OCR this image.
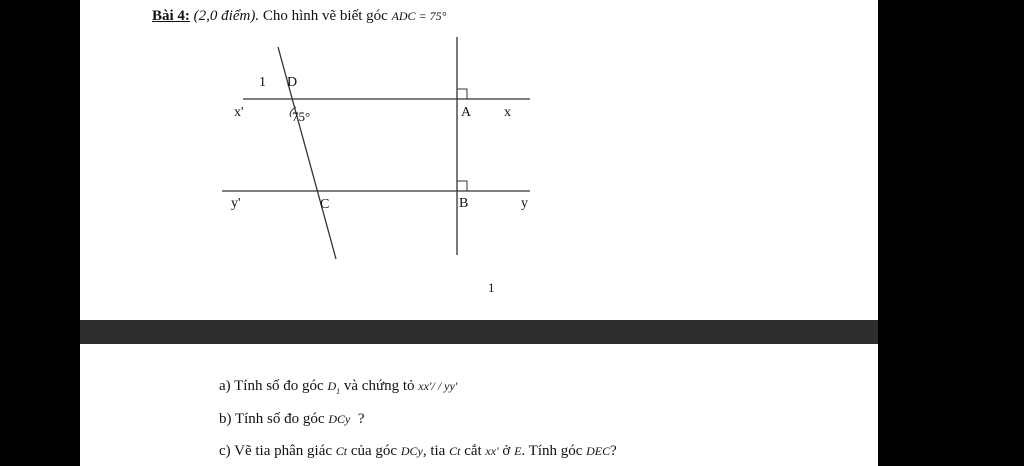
Bài 4: (2,0 điểm). Cho hình vẽ biết góc ADC = 75°
1 D
x'	75°	A x
y'	C	B	y
1
a) Tính số đo góc $D_1$ và chứng tỏ xx'/ / yy'
b) Tính số đo góc DCy ?
c) Vẽ tia phân giác Ct của góc DCy, tia Ct cắt xx' ở E. Tính góc DEC?
